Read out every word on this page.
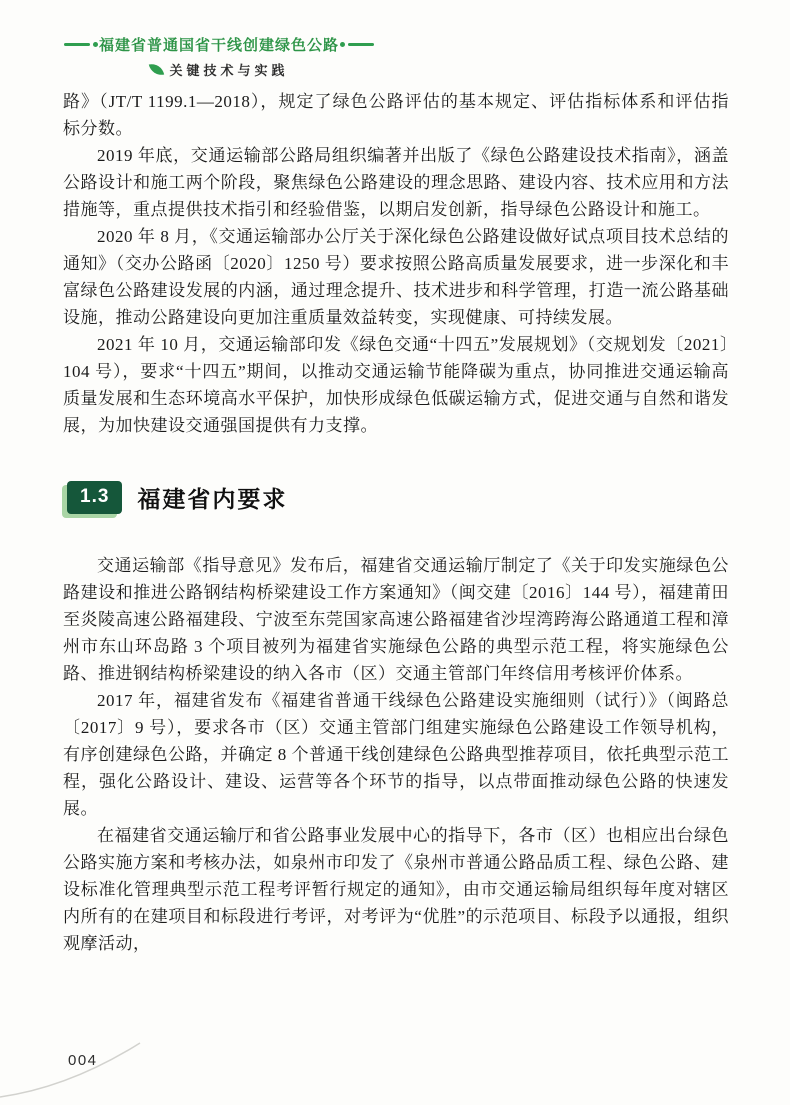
福建省普通国省干线创建绿色公路
关键技术与实践

路》（JT/T 1199.1—2018），规定了绿色公路评估的基本规定、评估指标体系和评估指标分数。

2019 年底，交通运输部公路局组织编著并出版了《绿色公路建设技术指南》，涵盖公路设计和施工两个阶段，聚焦绿色公路建设的理念思路、建设内容、技术应用和方法措施等，重点提供技术指引和经验借鉴，以期启发创新，指导绿色公路设计和施工。

2020 年 8 月，《交通运输部办公厅关于深化绿色公路建设做好试点项目技术总结的通知》（交办公路函〔2020〕1250 号）要求按照公路高质量发展要求，进一步深化和丰富绿色公路建设发展的内涵，通过理念提升、技术进步和科学管理，打造一流公路基础设施，推动公路建设向更加注重质量效益转变，实现健康、可持续发展。

2021 年 10 月，交通运输部印发《绿色交通“十四五”发展规划》（交规划发〔2021〕104 号），要求“十四五”期间，以推动交通运输节能降碳为重点，协同推进交通运输高质量发展和生态环境高水平保护，加快形成绿色低碳运输方式，促进交通与自然和谐发展，为加快建设交通强国提供有力支撑。

1.3	福建省内要求

交通运输部《指导意见》发布后，福建省交通运输厅制定了《关于印发实施绿色公路建设和推进公路钢结构桥梁建设工作方案通知》（闽交建〔2016〕144 号），福建莆田至炎陵高速公路福建段、宁波至东莞国家高速公路福建省沙埕湾跨海公路通道工程和漳州市东山环岛路 3 个项目被列为福建省实施绿色公路的典型示范工程，将实施绿色公路、推进钢结构桥梁建设的纳入各市（区）交通主管部门年终信用考核评价体系。

2017 年，福建省发布《福建省普通干线绿色公路建设实施细则（试行）》（闽路总〔2017〕9 号），要求各市（区）交通主管部门组建实施绿色公路建设工作领导机构，有序创建绿色公路，并确定 8 个普通干线创建绿色公路典型推荐项目，依托典型示范工程，强化公路设计、建设、运营等各个环节的指导，以点带面推动绿色公路的快速发展。

在福建省交通运输厅和省公路事业发展中心的指导下，各市（区）也相应出台绿色公路实施方案和考核办法，如泉州市印发了《泉州市普通公路品质工程、绿色公路、建设标准化管理典型示范工程考评暂行规定的通知》，由市交通运输局组织每年度对辖区内所有的在建项目和标段进行考评，对考评为“优胜”的示范项目、标段予以通报，组织观摩活动，

004
